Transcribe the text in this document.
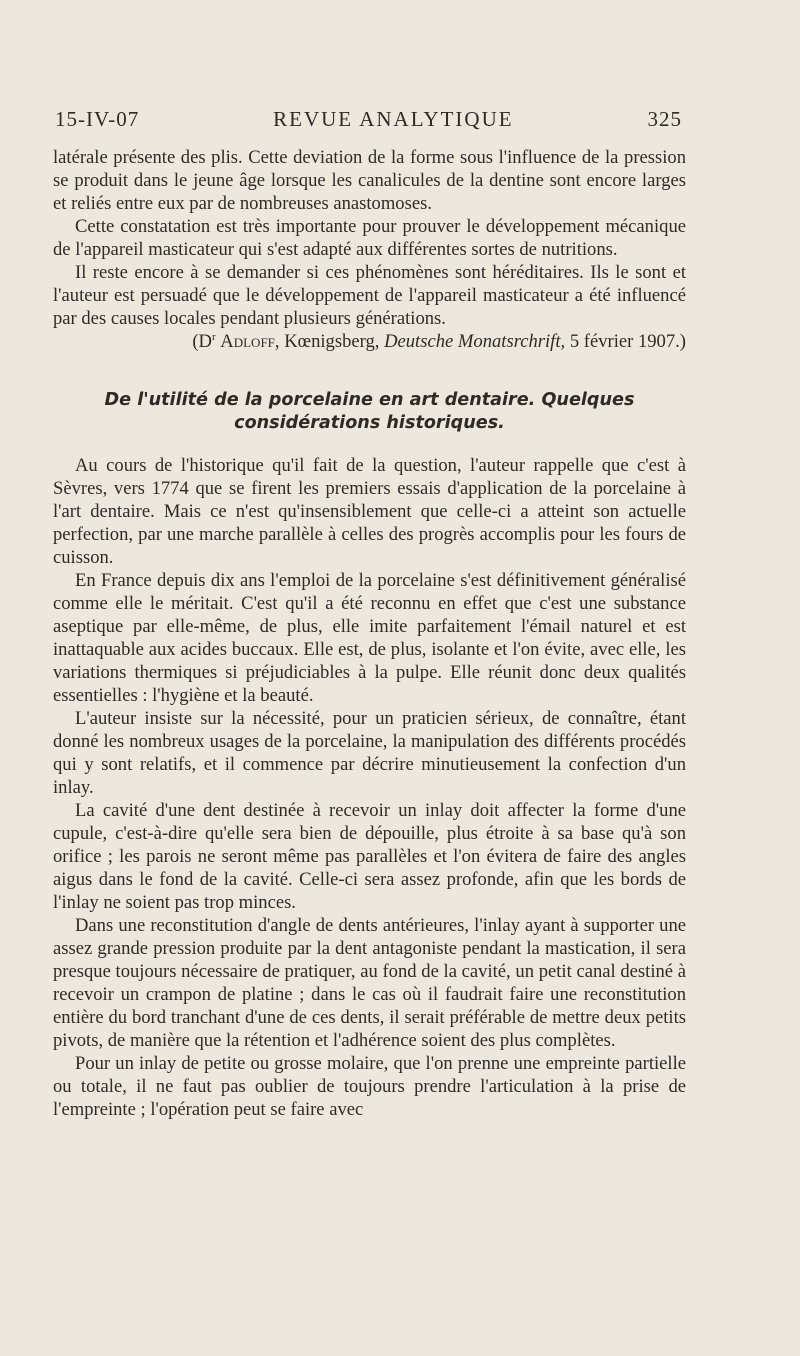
15-IV-07	REVUE ANALYTIQUE	325

latérale présente des plis. Cette deviation de la forme sous l'influence de la pression se produit dans le jeune âge lorsque les canalicules de la dentine sont encore larges et reliés entre eux par de nombreuses anastomoses.

Cette constatation est très importante pour prouver le développement mécanique de l'appareil masticateur qui s'est adapté aux différentes sortes de nutritions.

Il reste encore à se demander si ces phénomènes sont héréditaires. Ils le sont et l'auteur est persuadé que le développement de l'appareil masticateur a été influencé par des causes locales pendant plusieurs générations.

($D^r$ Adloff, Kœnigsberg, Deutsche Monatsrchrift, 5 février 1907.)

De l'utilité de la porcelaine en art dentaire. Quelques considérations historiques.

Au cours de l'historique qu'il fait de la question, l'auteur rappelle que c'est à Sèvres, vers 1774 que se firent les premiers essais d'application de la porcelaine à l'art dentaire. Mais ce n'est qu'insensiblement que celle-ci a atteint son actuelle perfection, par une marche parallèle à celles des progrès accomplis pour les fours de cuisson.

En France depuis dix ans l'emploi de la porcelaine s'est définitivement généralisé comme elle le méritait. C'est qu'il a été reconnu en effet que c'est une substance aseptique par elle-même, de plus, elle imite parfaitement l'émail naturel et est inattaquable aux acides buccaux. Elle est, de plus, isolante et l'on évite, avec elle, les variations thermiques si préjudiciables à la pulpe. Elle réunit donc deux qualités essentielles : l'hygiène et la beauté.

L'auteur insiste sur la nécessité, pour un praticien sérieux, de connaître, étant donné les nombreux usages de la porcelaine, la manipulation des différents procédés qui y sont relatifs, et il commence par décrire minutieusement la confection d'un inlay.

La cavité d'une dent destinée à recevoir un inlay doit affecter la forme d'une cupule, c'est-à-dire qu'elle sera bien de dépouille, plus étroite à sa base qu'à son orifice ; les parois ne seront même pas parallèles et l'on évitera de faire des angles aigus dans le fond de la cavité. Celle-ci sera assez profonde, afin que les bords de l'inlay ne soient pas trop minces.

Dans une reconstitution d'angle de dents antérieures, l'inlay ayant à supporter une assez grande pression produite par la dent antagoniste pendant la mastication, il sera presque toujours nécessaire de pratiquer, au fond de la cavité, un petit canal destiné à recevoir un crampon de platine ; dans le cas où il faudrait faire une reconstitution entière du bord tranchant d'une de ces dents, il serait préférable de mettre deux petits pivots, de manière que la rétention et l'adhérence soient des plus complètes.

Pour un inlay de petite ou grosse molaire, que l'on prenne une empreinte partielle ou totale, il ne faut pas oublier de toujours prendre l'articulation à la prise de l'empreinte ; l'opération peut se faire avec
